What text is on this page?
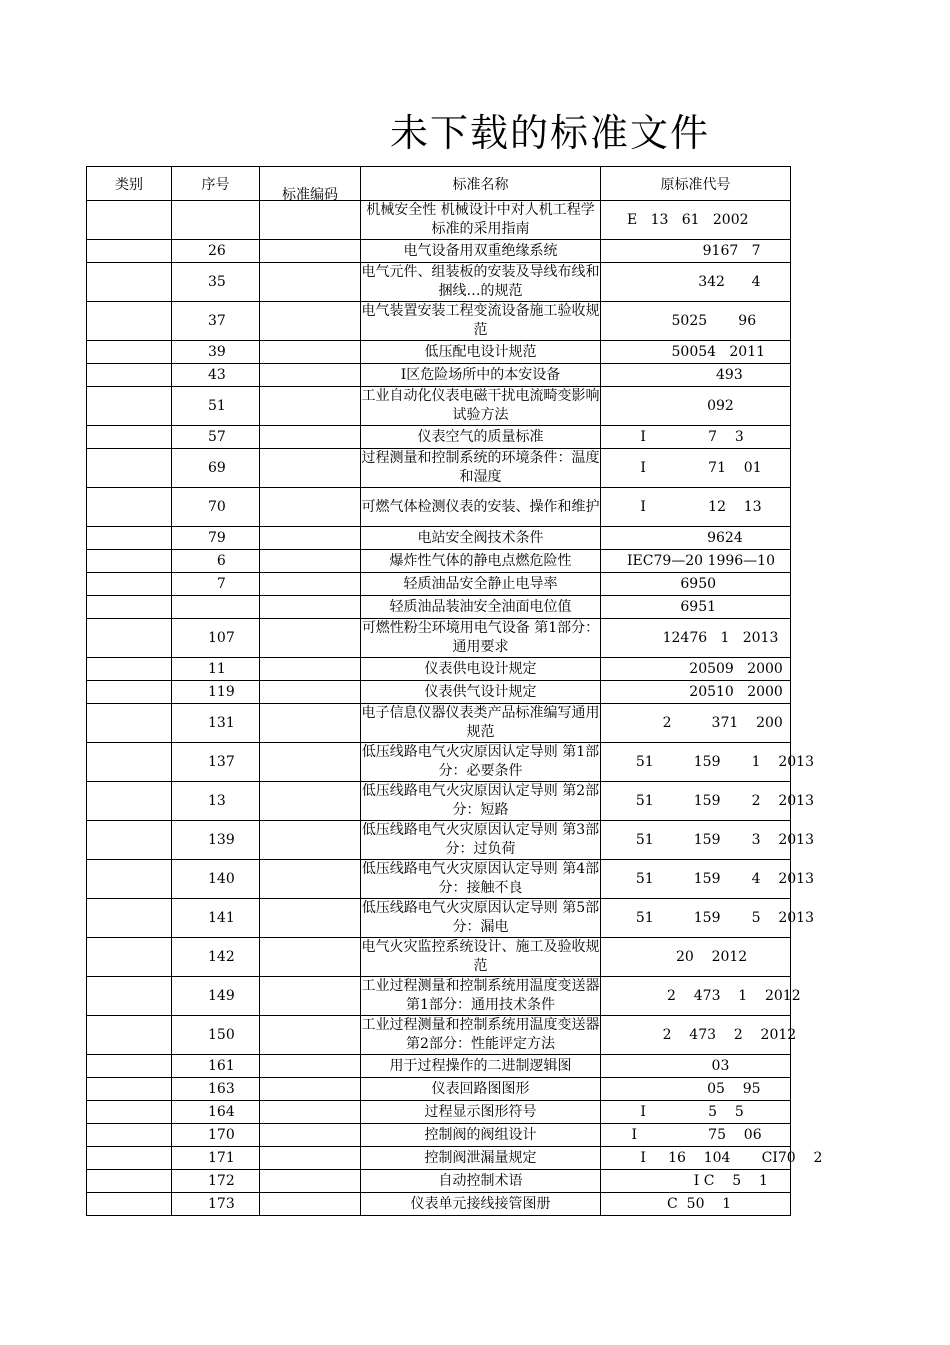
未下载的标准文件
类别	序号	标准编码	标准名称	原标准代号
			机械安全性 机械设计中对人机工程学标准的采用指南	E   13   61   2002
	26		电气设备用双重绝缘系统	9167   7
	35		电气元件、组装板的安装及导线布线和捆线…的规范	342      4
	37		电气装置安装工程变流设备施工验收规范	5025       96
	39		低压配电设计规范	50054   2011
	43		I区危险场所中的本安设备	493
	51		工业自动化仪表电磁干扰电流畸变影响试验方法	092
	57		仪表空气的质量标准	I              7    3
	69		过程测量和控制系统的环境条件：温度和湿度	I              71    01
	70		可燃气体检测仪表的安装、操作和维护	I              12    13
	79		电站安全阀技术条件	9624
	6		爆炸性气体的静电点燃危险性	IEC79—20 1996—10
	7		轻质油品安全静止电导率	6950
			轻质油品装油安全油面电位值	6951
	107		可燃性粉尘环境用电气设备 第1部分：通用要求	12476   1   2013
	11		仪表供电设计规定	20509   2000
	119		仪表供气设计规定	20510   2000
	131		电子信息仪器仪表类产品标准编写通用规范	2         371    200
	137		低压线路电气火灾原因认定导则 第1部分：必要条件	51         159       1    2013
	13		低压线路电气火灾原因认定导则 第2部分：短路	51         159       2    2013
	139		低压线路电气火灾原因认定导则 第3部分：过负荷	51         159       3    2013
	140		低压线路电气火灾原因认定导则 第4部分：接触不良	51         159       4    2013
	141		低压线路电气火灾原因认定导则 第5部分：漏电	51         159       5    2013
	142		电气火灾监控系统设计、施工及验收规范	20    2012
	149		工业过程测量和控制系统用温度变送器 第1部分：通用技术条件	2    473    1    2012
	150		工业过程测量和控制系统用温度变送器 第2部分：性能评定方法	2    473    2    2012
	161		用于过程操作的二进制逻辑图	03
	163		仪表回路图图形	05    95
	164		过程显示图形符号	I              5    5
	170		控制阀的阀组设计	I                75    06
	171		控制阀泄漏量规定	I     16    104       CI70    2
	172		自动控制术语	I C    5    1
	173		仪表单元接线接管图册	C  50    1
